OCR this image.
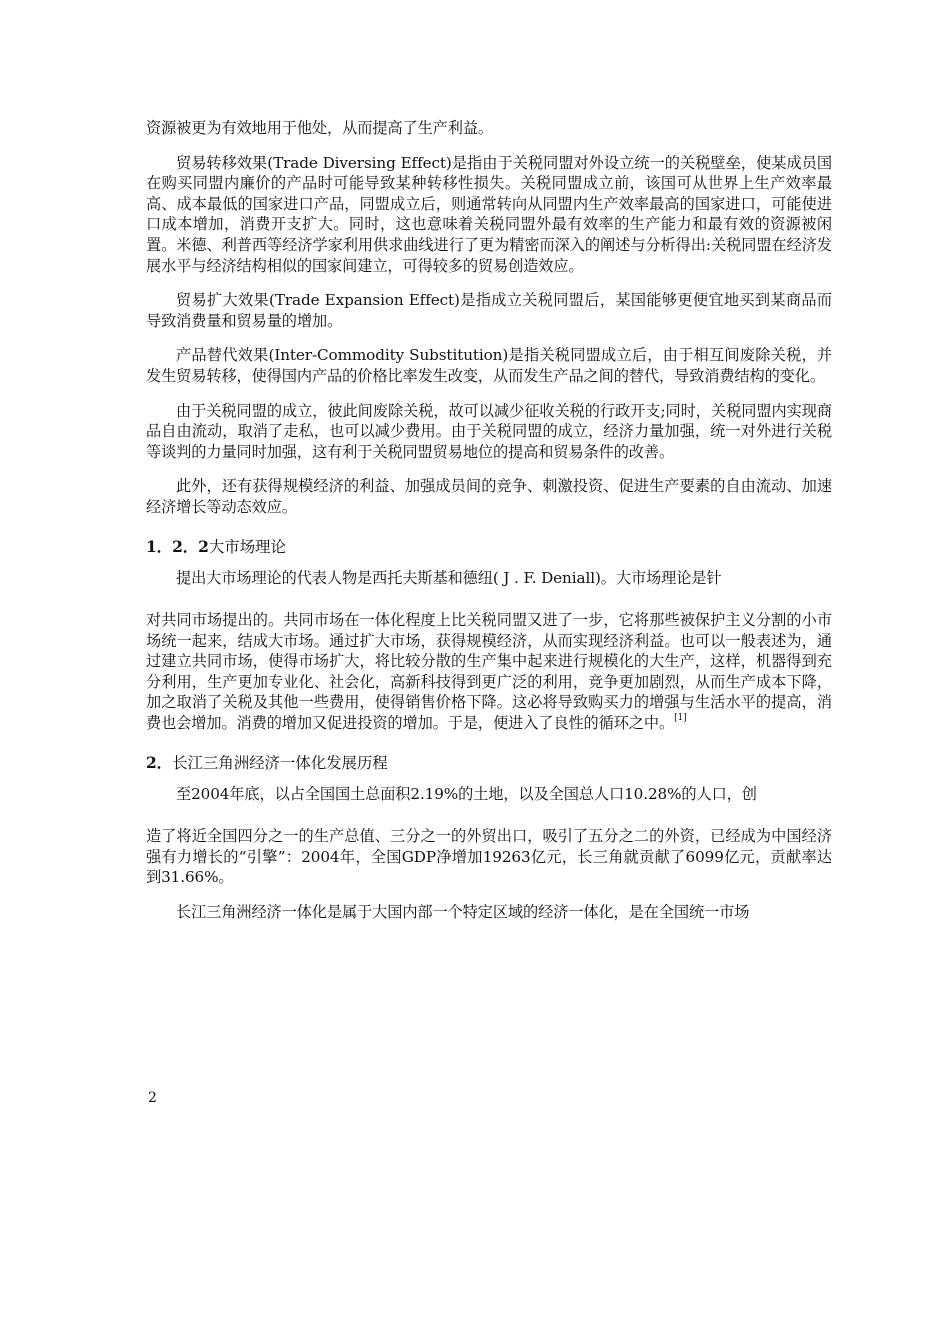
资源被更为有效地用于他处，从而提高了生产利益。

贸易转移效果(Trade Diversing Effect)是指由于关税同盟对外设立统一的关税壁垒，使某成员国在购买同盟内廉价的产品时可能导致某种转移性损失。关税同盟成立前，该国可从世界上生产效率最高、成本最低的国家进口产品，同盟成立后，则通常转向从同盟内生产效率最高的国家进口，可能使进口成本增加，消费开支扩大。同时，这也意味着关税同盟外最有效率的生产能力和最有效的资源被闲置。米德、利普西等经济学家利用供求曲线进行了更为精密而深入的阐述与分析得出:关税同盟在经济发展水平与经济结构相似的国家间建立，可得较多的贸易创造效应。

贸易扩大效果(Trade Expansion Effect)是指成立关税同盟后，某国能够更便宜地买到某商品而导致消费量和贸易量的增加。

产品替代效果(Inter-Commodity Substitution)是指关税同盟成立后，由于相互间废除关税，并发生贸易转移，使得国内产品的价格比率发生改变，从而发生产品之间的替代，导致消费结构的变化。

由于关税同盟的成立，彼此间废除关税，故可以减少征收关税的行政开支;同时，关税同盟内实现商品自由流动，取消了走私，也可以减少费用。由于关税同盟的成立，经济力量加强，统一对外进行关税等谈判的力量同时加强，这有利于关税同盟贸易地位的提高和贸易条件的改善。

此外，还有获得规模经济的利益、加强成员间的竞争、刺激投资、促进生产要素的自由流动、加速经济增长等动态效应。

1．2．2大市场理论

提出大市场理论的代表人物是西托夫斯基和德纽( J . F. Deniall)。大市场理论是针

对共同市场提出的。共同市场在一体化程度上比关税同盟又进了一步，它将那些被保护主义分割的小市场统一起来，结成大市场。通过扩大市场，获得规模经济，从而实现经济利益。也可以一般表述为，通过建立共同市场，使得市场扩大，将比较分散的生产集中起来进行规模化的大生产，这样，机器得到充分利用，生产更加专业化、社会化，高新科技得到更广泛的利用，竞争更加剧烈，从而生产成本下降，加之取消了关税及其他一些费用，使得销售价格下降。这必将导致购买力的增强与生活水平的提高，消费也会增加。消费的增加又促进投资的增加。于是，便进入了良性的循环之中。[1]

2．长江三角洲经济一体化发展历程

至2004年底，以占全国国土总面积2.19%的土地，以及全国总人口10.28%的人口，创

造了将近全国四分之一的生产总值、三分之一的外贸出口，吸引了五分之二的外资，已经成为中国经济强有力增长的“引擎”：2004年，全国GDP净增加19263亿元，长三角就贡献了6099亿元，贡献率达到31.66%。

长江三角洲经济一体化是属于大国内部一个特定区域的经济一体化，是在全国统一市场

2
